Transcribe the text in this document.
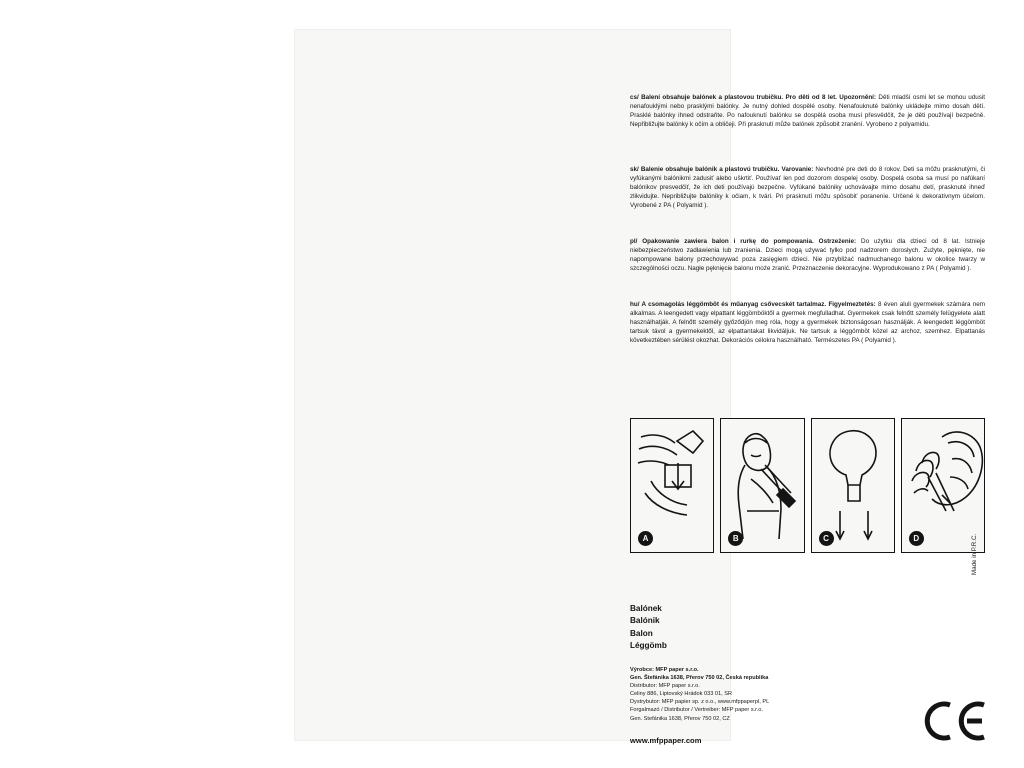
cs/ Balení obsahuje balónek a plastovou trubičku. Pro děti od 8 let. Upozornění: Děti mladší osmi let se mohou udusit nenafouklými nebo prasklými balónky. Je nutný dohled dospělé osoby. Nenafouknuté balónky ukládejte mimo dosah dětí. Prasklé balónky ihned odstraňte. Po nafouknutí balónku se dospělá osoba musí přesvědčit, že je děti používají bezpečně. Nepřibližujte balónky k očím a obličeji. Při prasknutí může balónek způsobit zranění. Vyrobeno z polyamidu.
sk/ Balenie obsahuje balónik a plastovú trubičku. Varovanie: Nevhodné pre deti do 8 rokov. Deti sa môžu prasknutými, či vyfúkanými balónikmi zadusiť alebo uškrtiť. Používať len pod dozorom dospelej osoby. Dospelá osoba sa musí po nafúkaní balónikov presvedčiť, že ich deti používajú bezpečne. Vyfúkané balóniky uchovávajte mimo dosahu detí, prasknuté ihneď zlikvidujte. Nepribližujte balóniky k očiam, k tvári. Pri prasknutí môžu spôsobiť poranenie. Určené k dekoratívnym účelom. Vyrobené z PA ( Polyamid ).
pl/ Opakowanie zawiera balon i rurkę do pompowania. Ostrzeżenie: Do użytku dla dzieci od 8 lat. Istnieje niebezpieczeństwo zadławienia lub zranienia. Dzieci mogą używać tylko pod nadzorem dorosłych. Zużyte, pęknięte, nie napompowane balony przechowywać poza zasięgiem dzieci. Nie przybliżać nadmuchanego balonu w okolice twarzy w szczególności oczu. Nagłe pęknięcie balonu może zranić. Przeznaczenie dekoracyjne. Wyprodukowano z PA ( Polyamid ).
hu/ A csomagolás léggömböt és műanyag csővecskét tartalmaz. Figyelmeztetés: 8 éven aluli gyermekek számára nem alkalmas. A leengedett vagy elpattant léggömböktől a gyermek megfulladhat. Gyermekek csak felnőtt személy felügyelete alatt használhatják. A felnőtt személy győződjön meg róla, hogy a gyermekek biztonságosan használják. A leengedett léggömböt tartsuk távol a gyermekektől, az elpattantakat likvidáljuk. Ne tartsuk a léggömböt közel az archoz, szemhez. Elpattanás következtében sérülést okozhat. Dekorációs célokra használható. Természetes PA ( Polyamid ).
A	B	C	D
Balónek
Balónik
Balon
Léggömb
Výrobce: MFP paper s.r.o.
Gen. Štefánika 1638, Přerov 750 02, Česká republika
Distributor: MFP paper s.r.o.
Celiny 886, Liptovský Hrádok 033 01, SR
Dystrybutor: MFP papier sp. z o.o., www.mfppaperpl, PL
Forgalmazó / Distributor / Vertreiber: MFP paper s.r.o.
Gen. Stefánika 1638, Přerov 750 02, CZ
www.mfppaper.com
Made in P.R.C.
